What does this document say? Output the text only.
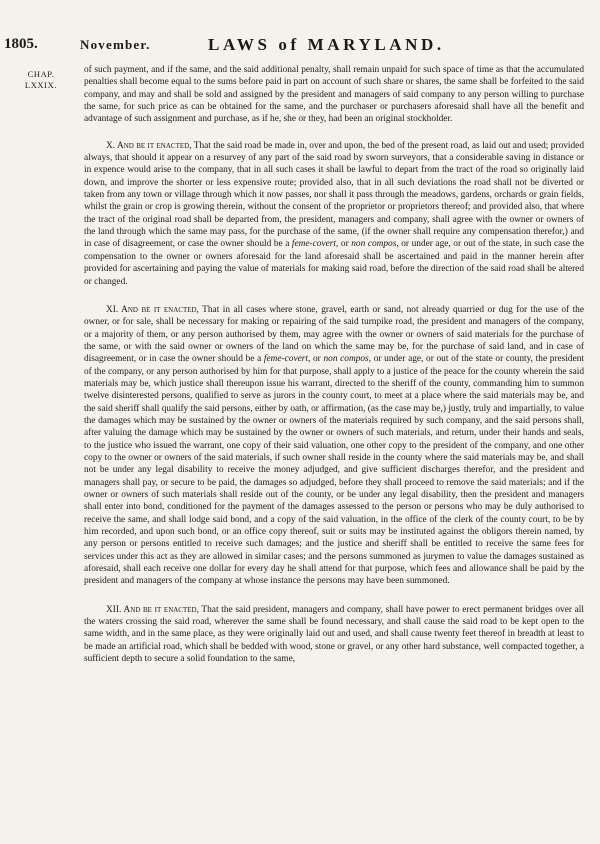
1805.	November.	LAWS of MARYLAND.
CHAP.
LXXIX.

of such payment, and if the same, and the said additional penalty, shall remain unpaid for such space of time as that the accumulated penalties shall become equal to the sums before paid in part on account of such share or shares, the same shall be forfeited to the said company, and may and shall be sold and assigned by the president and managers of said company to any person willing to purchase the same, for such price as can be obtained for the same, and the purchaser or purchasers aforesaid shall have all the benefit and advantage of such assignment and purchase, as if he, she or they, had been an original stockholder.

X. And be it enacted, That the said road be made in, over and upon, the bed of the present road, as laid out and used; provided always, that should it appear on a resurvey of any part of the said road by sworn surveyors, that a considerable saving in distance or in expence would arise to the company, that in all such cases it shall be lawful to depart from the tract of the road so originally laid down, and improve the shorter or less expensive route; provided also, that in all such deviations the road shall not be diverted or taken from any town or village through which it now passes, nor shall it pass through the meadows, gardens, orchards or grain fields, whilst the grain or crop is growing therein, without the consent of the proprietor or proprietors thereof; and provided also, that where the tract of the original road shall be departed from, the president, managers and company, shall agree with the owner or owners of the land through which the same may pass, for the purchase of the same, (if the owner shall require any compensation therefor,) and in case of disagreement, or case the owner should be a feme-covert, or non compos, or under age, or out of the state, in such case the compensation to the owner or owners aforesaid for the land aforesaid shall be ascertained and paid in the manner herein after provided for ascertaining and paying the value of materials for making said road, before the direction of the said road shall be altered or changed.

XI. And be it enacted, That in all cases where stone, gravel, earth or sand, not already quarried or dug for the use of the owner, or for sale, shall be necessary for making or repairing of the said turnpike road, the president and managers of the company, or a majority of them, or any person authorised by them, may agree with the owner or owners of said materials for the purchase of the same, or with the said owner or owners of the land on which the same may be, for the purchase of said land, and in case of disagreement, or in case the owner should be a feme-covert, or non compos, or under age, or out of the state or county, the president of the company, or any person authorised by him for that purpose, shall apply to a justice of the peace for the county wherein the said materials may be, which justice shall thereupon issue his warrant, directed to the sheriff of the county, commanding him to summon twelve disinterested persons, qualified to serve as jurors in the county court, to meet at a place where the said materials may be, and the said sheriff shall qualify the said persons, either by oath, or affirmation, (as the case may be,) justly, truly and impartially, to value the damages which may be sustained by the owner or owners of the materials required by such company, and the said persons shall, after valuing the damage which may be sustained by the owner or owners of such materials, and return, under their hands and seals, to the justice who issued the warrant, one copy of their said valuation, one other copy to the president of the company, and one other copy to the owner or owners of the said materials, if such owner shall reside in the county where the said materials may be, and shall not be under any legal disability to receive the money adjudged, and give sufficient discharges therefor, and the president and managers shall pay, or secure to be paid, the damages so adjudged, before they shall proceed to remove the said materials; and if the owner or owners of such materials shall reside out of the county, or be under any legal disability, then the president and managers shall enter into bond, conditioned for the payment of the damages assessed to the person or persons who may be duly authorised to receive the same, and shall lodge said bond, and a copy of the said valuation, in the office of the clerk of the county court, to be by him recorded, and upon such bond, or an office copy thereof, suit or suits may be instituted against the obligors therein named, by any person or persons entitled to receive such damages; and the justice and sheriff shall be entitled to receive the same fees for services under this act as they are allowed in similar cases; and the persons summoned as jurymen to value the damages sustained as aforesaid, shall each receive one dollar for every day he shall attend for that purpose, which fees and allowance shall be paid by the president and managers of the company at whose instance the persons may have been summoned.

XII. And be it enacted, That the said president, managers and company, shall have power to erect permanent bridges over all the waters crossing the said road, wherever the same shall be found necessary, and shall cause the said road to be kept open to the same width, and in the same place, as they were originally laid out and used, and shall cause twenty feet thereof in breadth at least to be made an artificial road, which shall be bedded with wood, stone or gravel, or any other hard substance, well compacted together, a sufficient depth to secure a solid foundation to the same,
